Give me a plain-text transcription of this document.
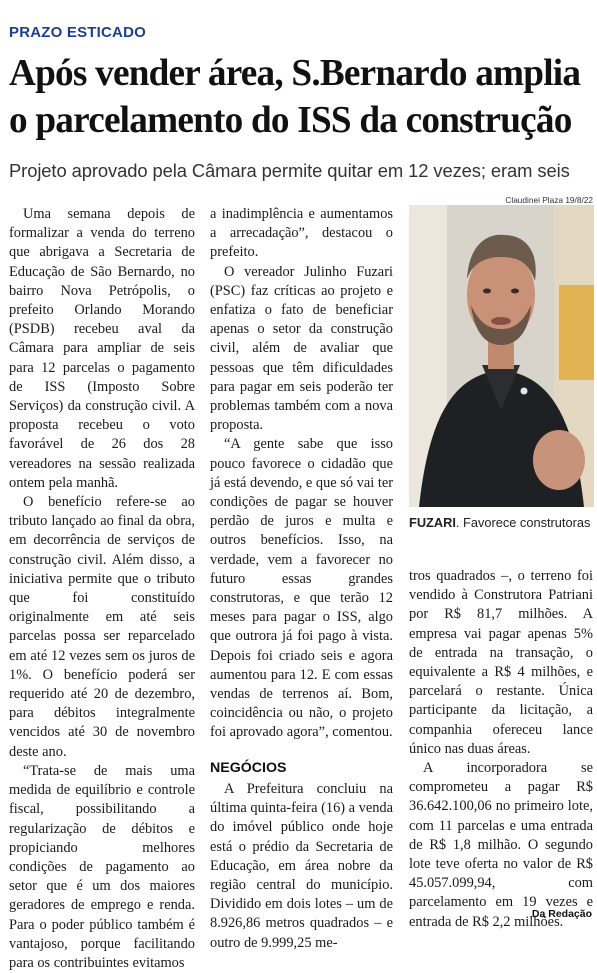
PRAZO ESTICADO
Após vender área, S.Bernardo amplia o parcelamento do ISS da construção

Projeto aprovado pela Câmara permite quitar em 12 vezes; eram seis

Uma semana depois de formalizar a venda do terreno que abrigava a Secretaria de Educação de São Bernardo, no bairro Nova Petrópolis, o prefeito Orlando Morando (PSDB) recebeu aval da Câmara para ampliar de seis para 12 parcelas o pagamento de ISS (Imposto Sobre Serviços) da construção civil. A proposta recebeu o voto favorável de 26 dos 28 vereadores na sessão realizada ontem pela manhã.

O benefício refere-se ao tributo lançado ao final da obra, em decorrência de serviços de construção civil. Além disso, a iniciativa permite que o tributo que foi constituído originalmente em até seis parcelas possa ser reparcelado em até 12 vezes sem os juros de 1%. O benefício poderá ser requerido até 20 de dezembro, para débitos integralmente vencidos até 30 de novembro deste ano.

“Trata-se de mais uma medida de equilíbrio e controle fiscal, possibilitando a regularização de débitos e propiciando melhores condições de pagamento ao setor que é um dos maiores geradores de emprego e renda. Para o poder público também é vantajoso, porque facilitando para os contribuintes evitamos

a inadimplência e aumentamos a arrecadação”, destacou o prefeito.

O vereador Julinho Fuzari (PSC) faz críticas ao projeto e enfatiza o fato de beneficiar apenas o setor da construção civil, além de avaliar que pessoas que têm dificuldades para pagar em seis poderão ter problemas também com a nova proposta.

“A gente sabe que isso pouco favorece o cidadão que já está devendo, e que só vai ter condições de pagar se houver perdão de juros e multa e outros benefícios. Isso, na verdade, vem a favorecer no futuro essas grandes construtoras, e que terão 12 meses para pagar o ISS, algo que outrora já foi pago à vista. Depois foi criado seis e agora aumentou para 12. E com essas vendas de terrenos aí. Bom, coincidência ou não, o projeto foi aprovado agora”, comentou.

NEGÓCIOS

A Prefeitura concluiu na última quinta-feira (16) a venda do imóvel público onde hoje está o prédio da Secretaria de Educação, em área nobre da região central do município. Dividido em dois lotes – um de 8.926,86 metros quadrados – e outro de 9.999,25 me-

Claudinei Plaza 19/8/22

FUZARI. Favorece construtoras

tros quadrados –, o terreno foi vendido à Construtora Patriani por R$ 81,7 milhões. A empresa vai pagar apenas 5% de entrada na transação, o equivalente a R$ 4 milhões, e parcelará o restante. Única participante da licitação, a companhia ofereceu lance único nas duas áreas.

A incorporadora se comprometeu a pagar R$ 36.642.100,06 no primeiro lote, com 11 parcelas e uma entrada de R$ 1,8 milhão. O segundo lote teve oferta no valor de R$ 45.057.099,94, com parcelamento em 19 vezes e entrada de R$ 2,2 milhões.

Da Redação
